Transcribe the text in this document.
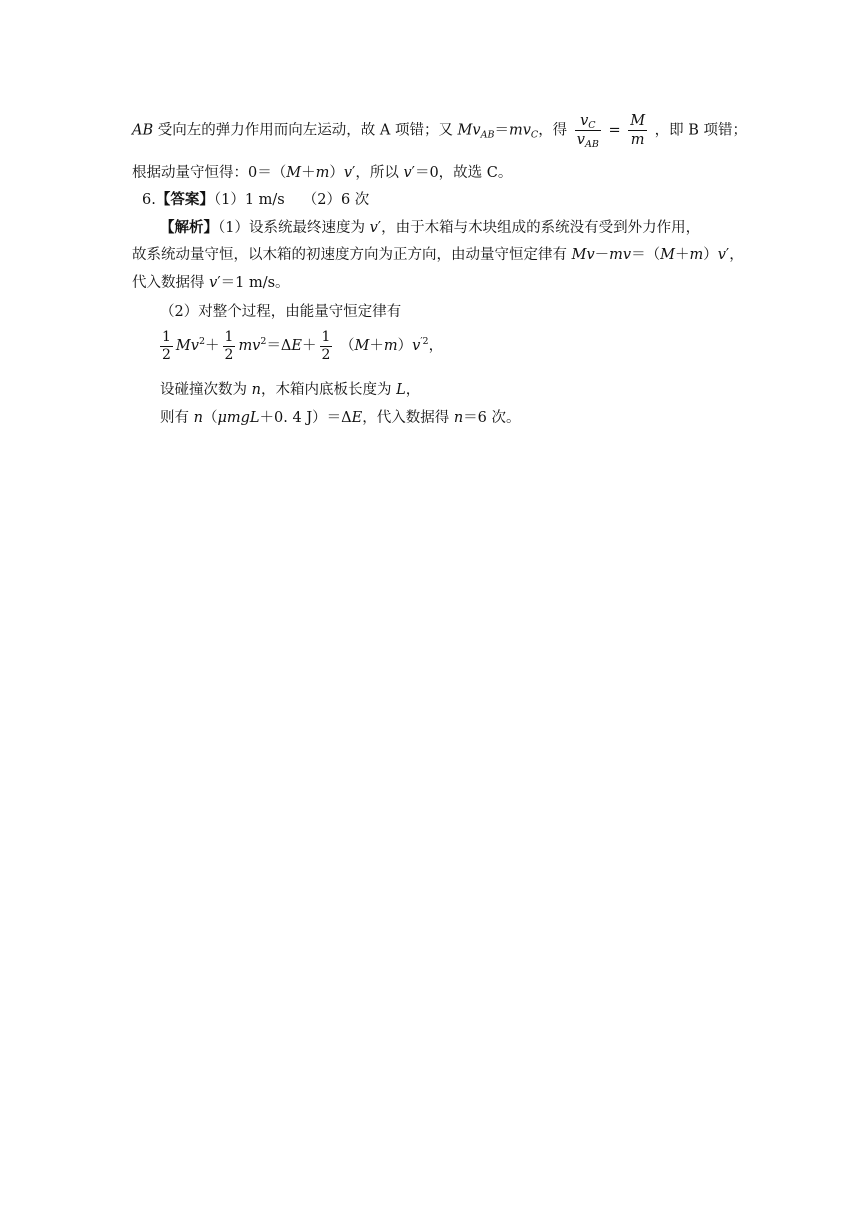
AB 受向左的弹力作用而向左运动，故 A 项错；又 $Mv_{AB}=mv_C$，得 $\frac{v_C}{v_{AB}} = \frac{M}{m}$ ，即 B 项错；
根据动量守恒得：0＝（M＋m）v′，所以 v′＝0，故选 C。
6.【答案】（1）1 m/s （2）6 次
【解析】（1）设系统最终速度为 v′，由于木箱与木块组成的系统没有受到外力作用，
故系统动量守恒，以木箱的初速度方向为正方向，由动量守恒定律有 Mv－mv＝（M＋m）v′，
代入数据得 v′＝1 m/s。
（2）对整个过程，由能量守恒定律有
$\frac{1}{2} Mv^2+ \frac{1}{2} mv^2=\Delta E+ \frac{1}{2} (M+m)v^{'2}$，
设碰撞次数为 n，木箱内底板长度为 L，
则有 n（μmgL＋0. 4 J）＝ΔE，代入数据得 n＝6 次。
